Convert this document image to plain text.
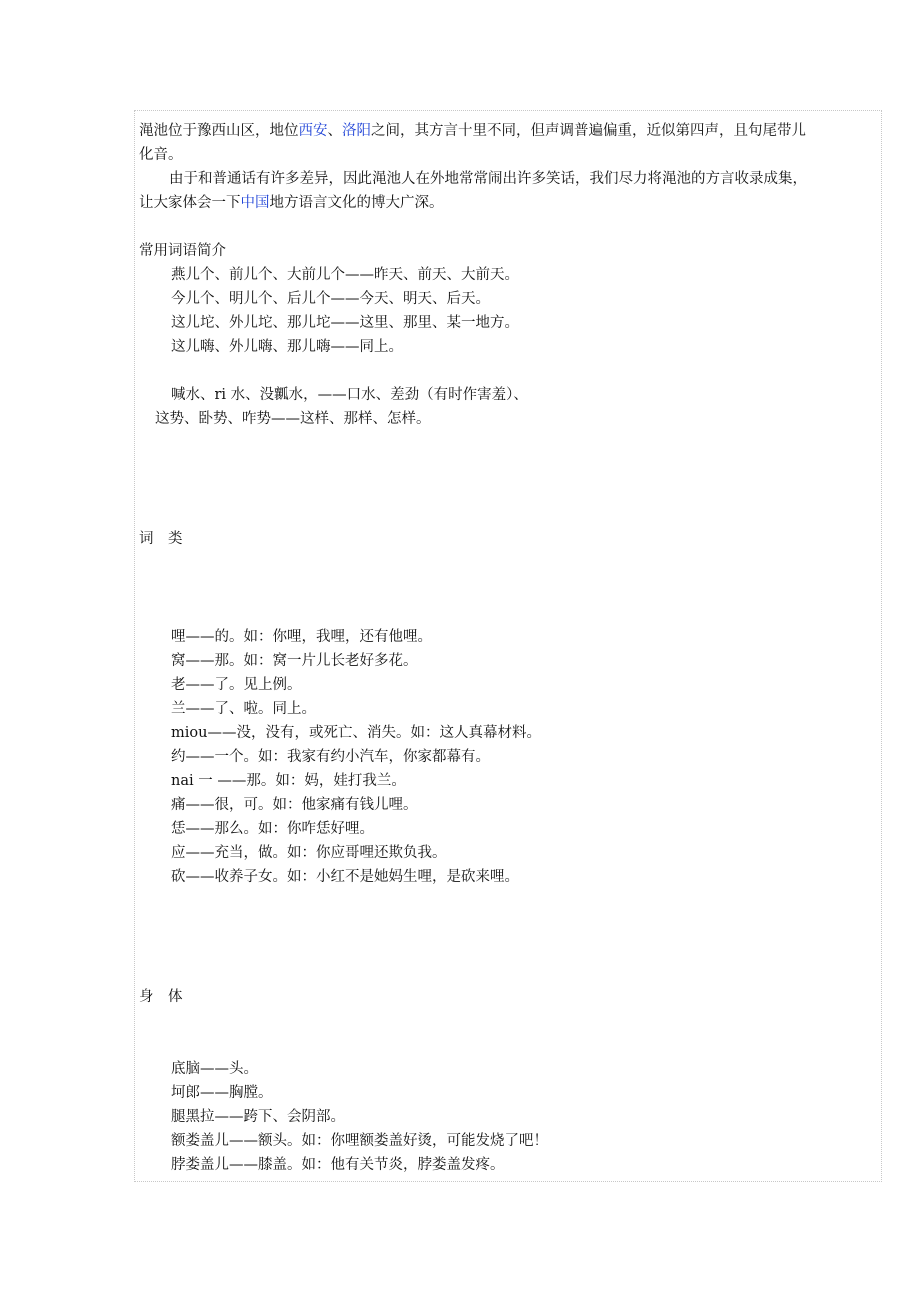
渑池位于豫西山区，地位西安、洛阳之间，其方言十里不同，但声调普遍偏重，近似第四声，且句尾带儿
化音。
由于和普通话有许多差异，因此渑池人在外地常常闹出许多笑话，我们尽力将渑池的方言收录成集，
让大家体会一下中国地方语言文化的博大广深。
常用词语简介
燕儿个、前儿个、大前儿个——昨天、前天、大前天。
今儿个、明儿个、后儿个——今天、明天、后天。
这儿坨、外儿坨、那儿坨——这里、那里、某一地方。
这儿嗨、外儿嗨、那儿嗨——同上。
喊水、ri 水、没瓤水，——口水、差劲（有时作害羞）、
这势、卧势、咋势——这样、那样、怎样。
词　类
哩——的。如：你哩，我哩，还有他哩。
窝——那。如：窝一片儿长老好多花。
老——了。见上例。
兰——了、啦。同上。
miou——没，没有，或死亡、消失。如：这人真幕材料。
约——一个。如：我家有约小汽车，你家都幕有。
nai 一 ——那。如：妈，娃打我兰。
痛——很，可。如：他家痛有钱儿哩。
恁——那么。如：你咋恁好哩。
应——充当，做。如：你应哥哩还欺负我。
砍——收养子女。如：小红不是她妈生哩，是砍来哩。
身　体
底脑——头。
坷郎——胸膛。
腿黑拉——跨下、会阴部。
额娄盖儿——额头。如：你哩额娄盖好烫，可能发烧了吧！
脖娄盖儿——膝盖。如：他有关节炎，脖娄盖发疼。
